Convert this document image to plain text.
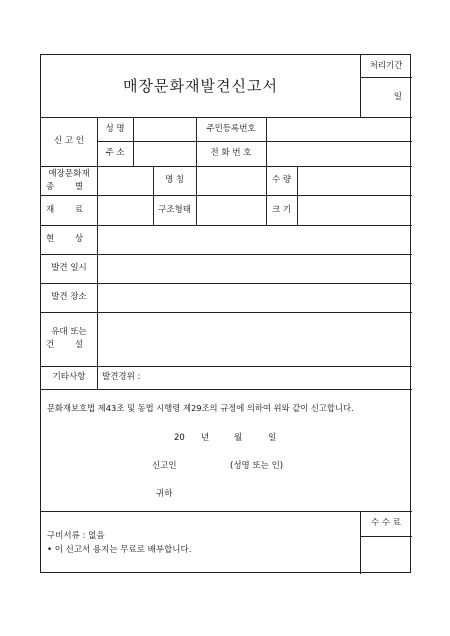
매장문화재발견신고서
처리기간
일
신 고 인
성 명	주민등록번호
주 소	전 화 번 호
매장문화재
종 별
명 칭	수 량
재 료	구조형태	크 기
현 상
발견 일시
발견 장소
유대 또는
건 설
기타사항	발견경위 :
문화재보호법 제43조 및 동법 시행령 제29조의 규정에 의하여 위와 같이 신고합니다.
20	년	월	일
신고인	(성명 또는 인)
귀하
구비서류 : 없음
• 이 신고서 용지는 무료로 배부합니다.
수 수 료
